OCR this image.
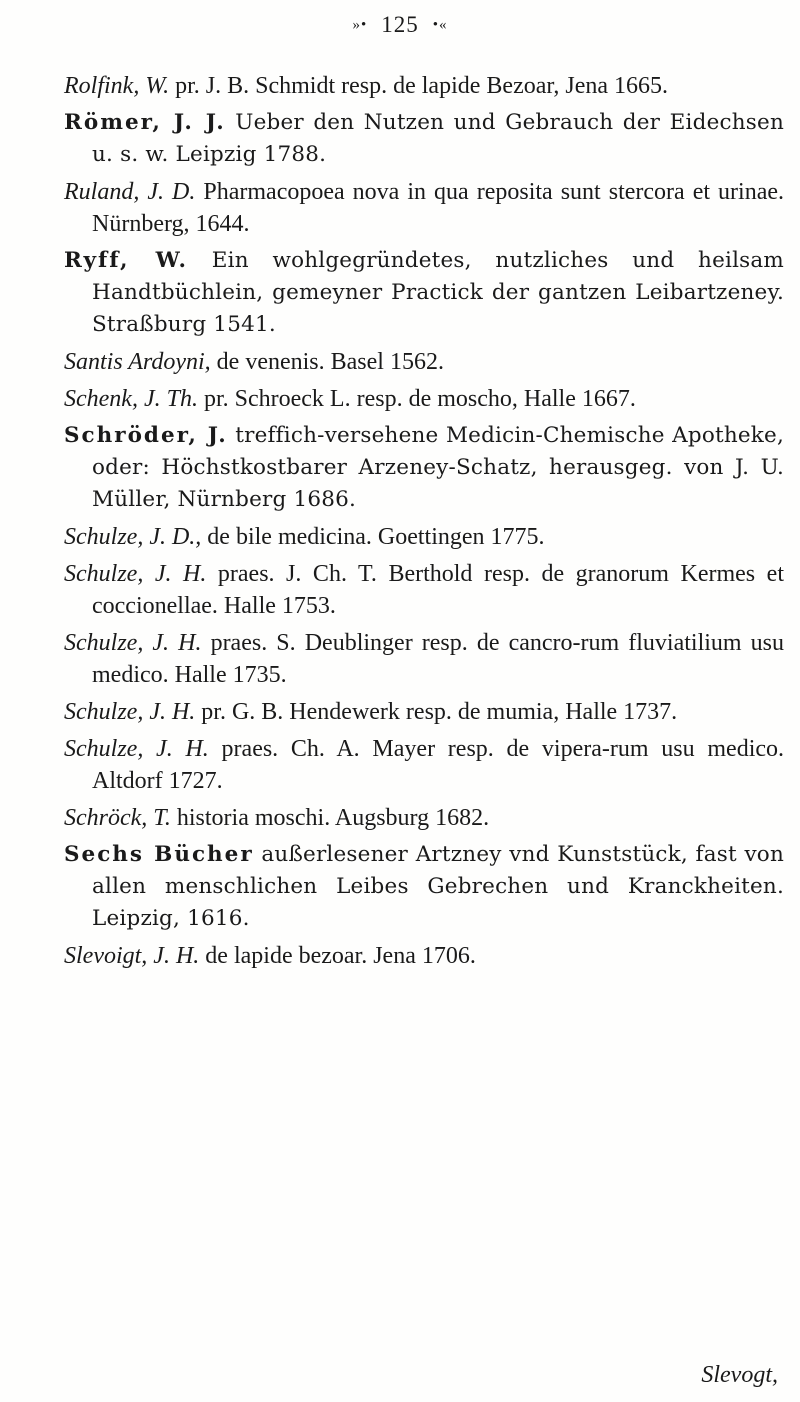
»• 125 •«
Rolfink, W. pr. J. B. Schmidt resp. de lapide Bezoar, Jena 1665.
Römer, J. J. Ueber den Nutzen und Gebrauch der Eidechsen u. s. w. Leipzig 1788.
Ruland, J. D. Pharmacopoea nova in qua reposita sunt stercora et urinae. Nürnberg, 1644.
Ryff, W. Ein wohlgegründetes, nutzliches und heilsam Handtbüchlein, gemeyner Practick der gantzen Leibartzeney. Straßburg 1541.
Santis Ardoyni, de venenis. Basel 1562.
Schenk, J. Th. pr. Schroeck L. resp. de moscho, Halle 1667.
Schröder, J. treffich-versehene Medicin-Chemische Apotheke, oder: Höchstkostbarer Arzeney-Schatz, herausgeg. von J. U. Müller, Nürnberg 1686.
Schulze, J. D., de bile medicina. Goettingen 1775.
Schulze, J. H. praes. J. Ch. T. Berthold resp. de granorum Kermes et coccionellae. Halle 1753.
Schulze, J. H. praes. S. Deublinger resp. de cancro-rum fluviatilium usu medico. Halle 1735.
Schulze, J. H. pr. G. B. Hendewerk resp. de mumia, Halle 1737.
Schulze, J. H. praes. Ch. A. Mayer resp. de vipera-rum usu medico. Altdorf 1727.
Schröck, T. historia moschi. Augsburg 1682.
Sechs Bücher außerlesener Artzney vnd Kunststück, fast von allen menschlichen Leibes Gebrechen und Kranckheiten. Leipzig, 1616.
Slevoigt, J. H. de lapide bezoar. Jena 1706.
Slevogt,
